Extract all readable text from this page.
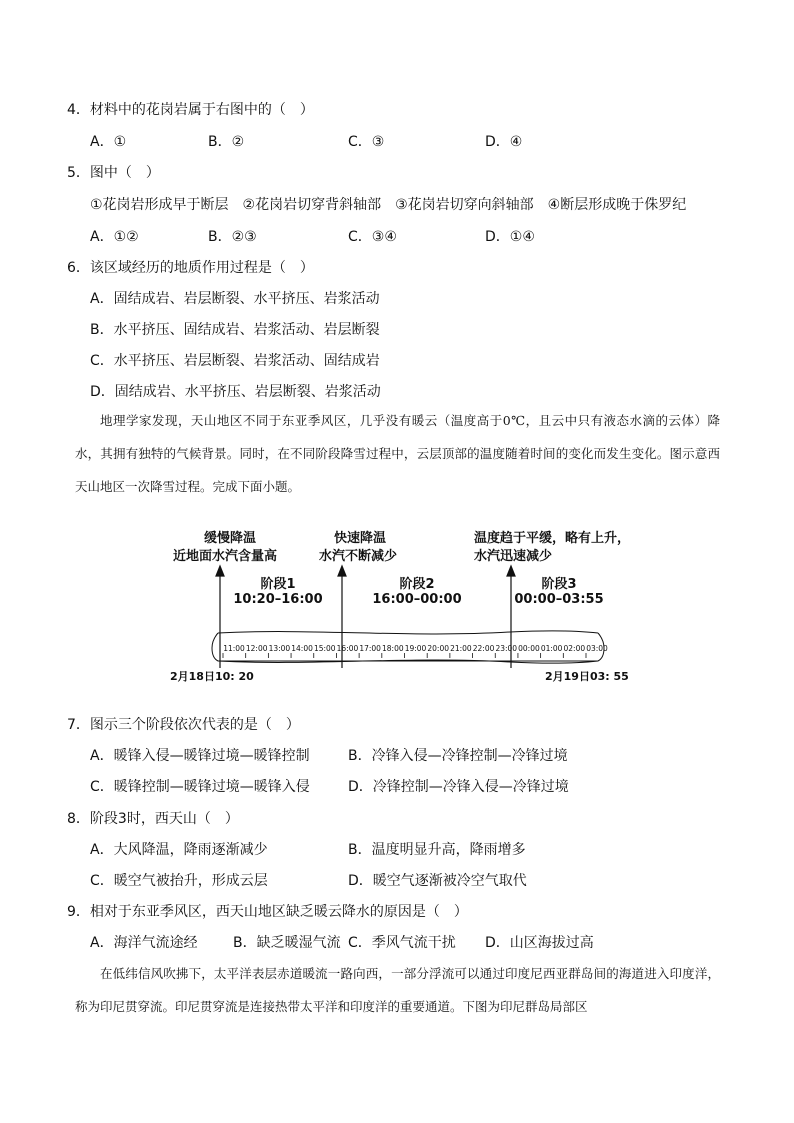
4．材料中的花岗岩属于右图中的（　）
A．①	B．②	C．③	D．④
5．图中（　）
①花岗岩形成早于断层　②花岗岩切穿背斜轴部　③花岗岩切穿向斜轴部　④断层形成晚于侏罗纪
A．①②	B．②③	C．③④	D．①④
6．该区域经历的地质作用过程是（　）
A．固结成岩、岩层断裂、水平挤压、岩浆活动
B．水平挤压、固结成岩、岩浆活动、岩层断裂
C．水平挤压、岩层断裂、岩浆活动、固结成岩
D．固结成岩、水平挤压、岩层断裂、岩浆活动
地理学家发现，天山地区不同于东亚季风区，几乎没有暖云（温度高于0℃，且云中只有液态水滴的云体）降水，其拥有独特的气候背景。同时，在不同阶段降雪过程中，云层顶部的温度随着时间的变化而发生变化。图示意西天山地区一次降雪过程。完成下面小题。
缓慢降温
近地面水汽含量高
快速降温
水汽不断减少
温度趋于平缓，略有上升，
水汽迅速减少
阶段1
10:20–16:00
阶段2
16:00–00:00
阶段3
00:00–03:55
11:00 12:00 13:00 14:00 15:00 16:00 17:00 18:00 19:00 20:00 21:00 22:00 23:00 00:00 01:00 02:00 03:00
2月18日10: 20	2月19日03: 55
7．图示三个阶段依次代表的是（　）
A．暖锋入侵—暖锋过境—暖锋控制	B．冷锋入侵—冷锋控制—冷锋过境
C．暖锋控制—暖锋过境—暖锋入侵	D．冷锋控制—冷锋入侵—冷锋过境
8．阶段3时，西天山（　）
A．大风降温，降雨逐渐减少	B．温度明显升高，降雨增多
C．暖空气被抬升，形成云层	D．暖空气逐渐被冷空气取代
9．相对于东亚季风区，西天山地区缺乏暖云降水的原因是（　）
A．海洋气流途经	B．缺乏暖湿气流 C．季风气流干扰 D．山区海拔过高
在低纬信风吹拂下，太平洋表层赤道暖流一路向西，一部分浮流可以通过印度尼西亚群岛间的海道进入印度洋，称为印尼贯穿流。印尼贯穿流是连接热带太平洋和印度洋的重要通道。下图为印尼群岛局部区
